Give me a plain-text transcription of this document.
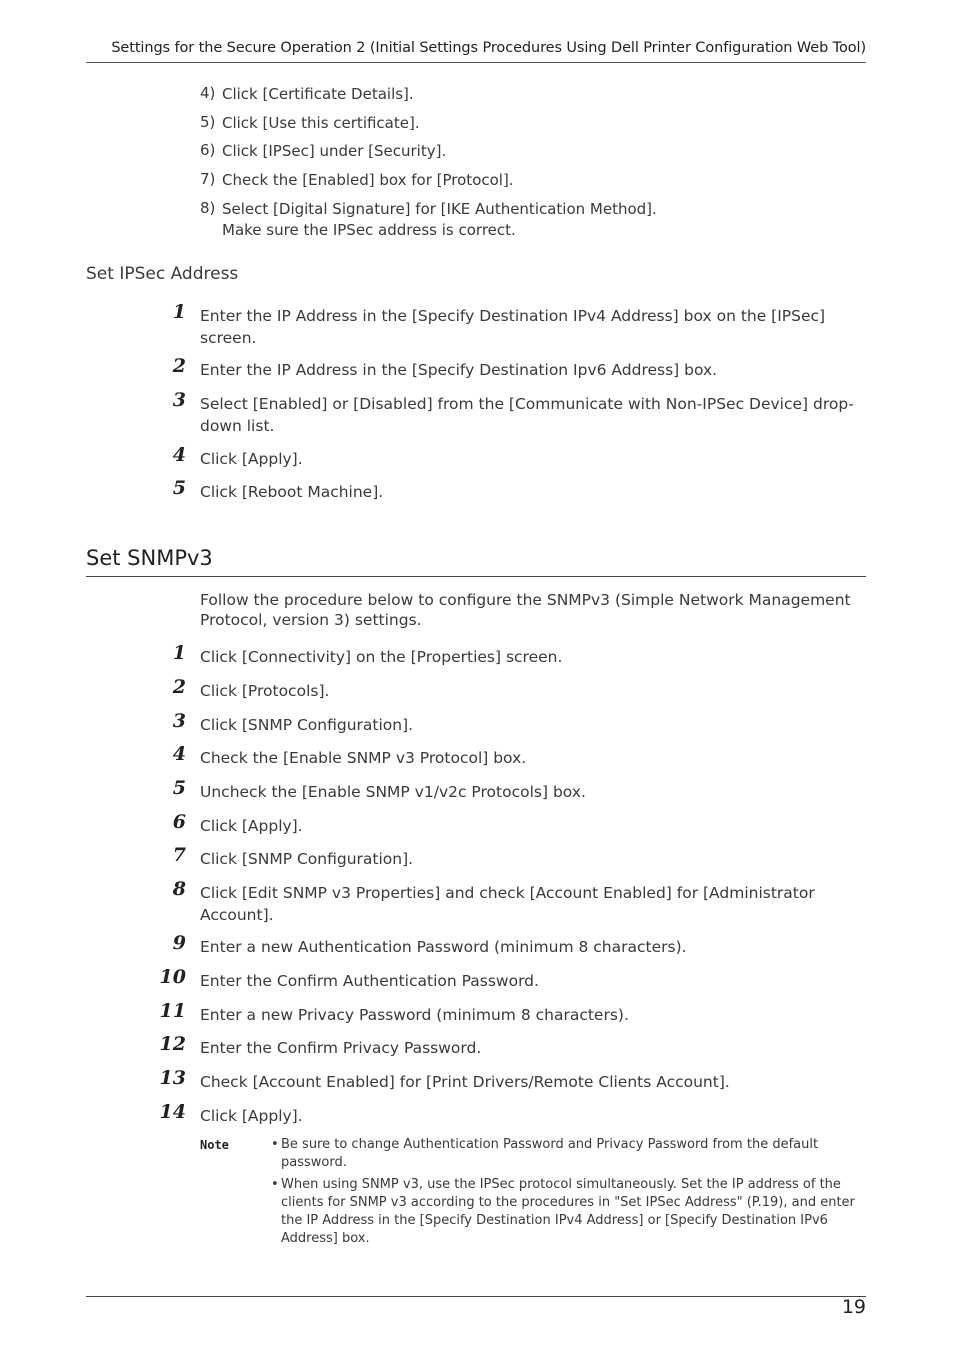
Settings for the Secure Operation 2 (Initial Settings Procedures Using Dell Printer Configuration Web Tool)
4) Click [Certificate Details].
5) Click [Use this certificate].
6) Click [IPSec] under [Security].
7) Check the [Enabled] box for [Protocol].
8) Select [Digital Signature] for [IKE Authentication Method].
Make sure the IPSec address is correct.
Set IPSec Address
1 Enter the IP Address in the [Specify Destination IPv4 Address] box on the [IPSec] screen.
2 Enter the IP Address in the [Specify Destination Ipv6 Address] box.
3 Select [Enabled] or [Disabled] from the [Communicate with Non-IPSec Device] drop-down list.
4 Click [Apply].
5 Click [Reboot Machine].
Set SNMPv3
Follow the procedure below to configure the SNMPv3 (Simple Network Management Protocol, version 3) settings.
1 Click [Connectivity] on the [Properties] screen.
2 Click [Protocols].
3 Click [SNMP Configuration].
4 Check the [Enable SNMP v3 Protocol] box.
5 Uncheck the [Enable SNMP v1/v2c Protocols] box.
6 Click [Apply].
7 Click [SNMP Configuration].
8 Click [Edit SNMP v3 Properties] and check [Account Enabled] for [Administrator Account].
9 Enter a new Authentication Password (minimum 8 characters).
10 Enter the Confirm Authentication Password.
11 Enter a new Privacy Password (minimum 8 characters).
12 Enter the Confirm Privacy Password.
13 Check [Account Enabled] for [Print Drivers/Remote Clients Account].
14 Click [Apply].
Note	• Be sure to change Authentication Password and Privacy Password from the default password.
• When using SNMP v3, use the IPSec protocol simultaneously. Set the IP address of the clients for SNMP v3 according to the procedures in "Set IPSec Address" (P.19), and enter the IP Address in the [Specify Destination IPv4 Address] or [Specify Destination IPv6 Address] box.
19
